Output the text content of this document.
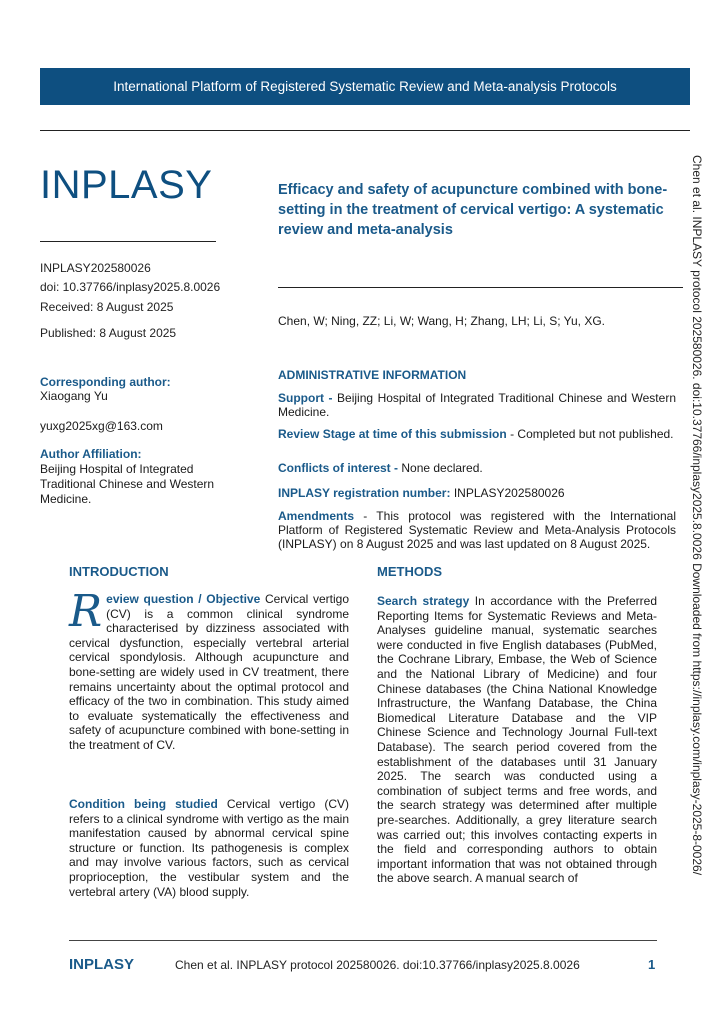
International Platform of Registered Systematic Review and Meta-analysis Protocols
INPLASY
INPLASY202580026
doi: 10.37766/inplasy2025.8.0026
Received: 8 August 2025
Published: 8 August 2025
Efficacy and safety of acupuncture combined with bone-setting in the treatment of cervical vertigo: A systematic review and meta-analysis
Chen, W; Ning, ZZ; Li, W; Wang, H; Zhang, LH; Li, S; Yu, XG.
Corresponding author:
Xiaogang Yu
yuxg2025xg@163.com
Author Affiliation:
Beijing Hospital of Integrated Traditional Chinese and Western Medicine.
ADMINISTRATIVE INFORMATION
Support - Beijing Hospital of Integrated Traditional Chinese and Western Medicine.
Review Stage at time of this submission - Completed but not published.
Conflicts of interest - None declared.
INPLASY registration number: INPLASY202580026
Amendments - This protocol was registered with the International Platform of Registered Systematic Review and Meta-Analysis Protocols (INPLASY) on 8 August 2025 and was last updated on 8 August 2025.
INTRODUCTION
Review question / Objective Cervical vertigo (CV) is a common clinical syndrome characterised by dizziness associated with cervical dysfunction, especially vertebral arterial cervical spondylosis. Although acupuncture and bone-setting are widely used in CV treatment, there remains uncertainty about the optimal protocol and efficacy of the two in combination. This study aimed to evaluate systematically the effectiveness and safety of acupuncture combined with bone-setting in the treatment of CV.
Condition being studied Cervical vertigo (CV) refers to a clinical syndrome with vertigo as the main manifestation caused by abnormal cervical spine structure or function. Its pathogenesis is complex and may involve various factors, such as cervical proprioception, the vestibular system and the vertebral artery (VA) blood supply.
METHODS
Search strategy In accordance with the Preferred Reporting Items for Systematic Reviews and Meta-Analyses guideline manual, systematic searches were conducted in five English databases (PubMed, the Cochrane Library, Embase, the Web of Science and the National Library of Medicine) and four Chinese databases (the China National Knowledge Infrastructure, the Wanfang Database, the China Biomedical Literature Database and the VIP Chinese Science and Technology Journal Full-text Database). The search period covered from the establishment of the databases until 31 January 2025. The search was conducted using a combination of subject terms and free words, and the search strategy was determined after multiple pre-searches. Additionally, a grey literature search was carried out; this involves contacting experts in the field and corresponding authors to obtain important information that was not obtained through the above search. A manual search of
Chen et al. INPLASY protocol 202580026. doi:10.37766/inplasy2025.8.0026 Downloaded from https://inplasy.com/inplasy-2025-8-0026/
INPLASY	Chen et al. INPLASY protocol 202580026. doi:10.37766/inplasy2025.8.0026	1
